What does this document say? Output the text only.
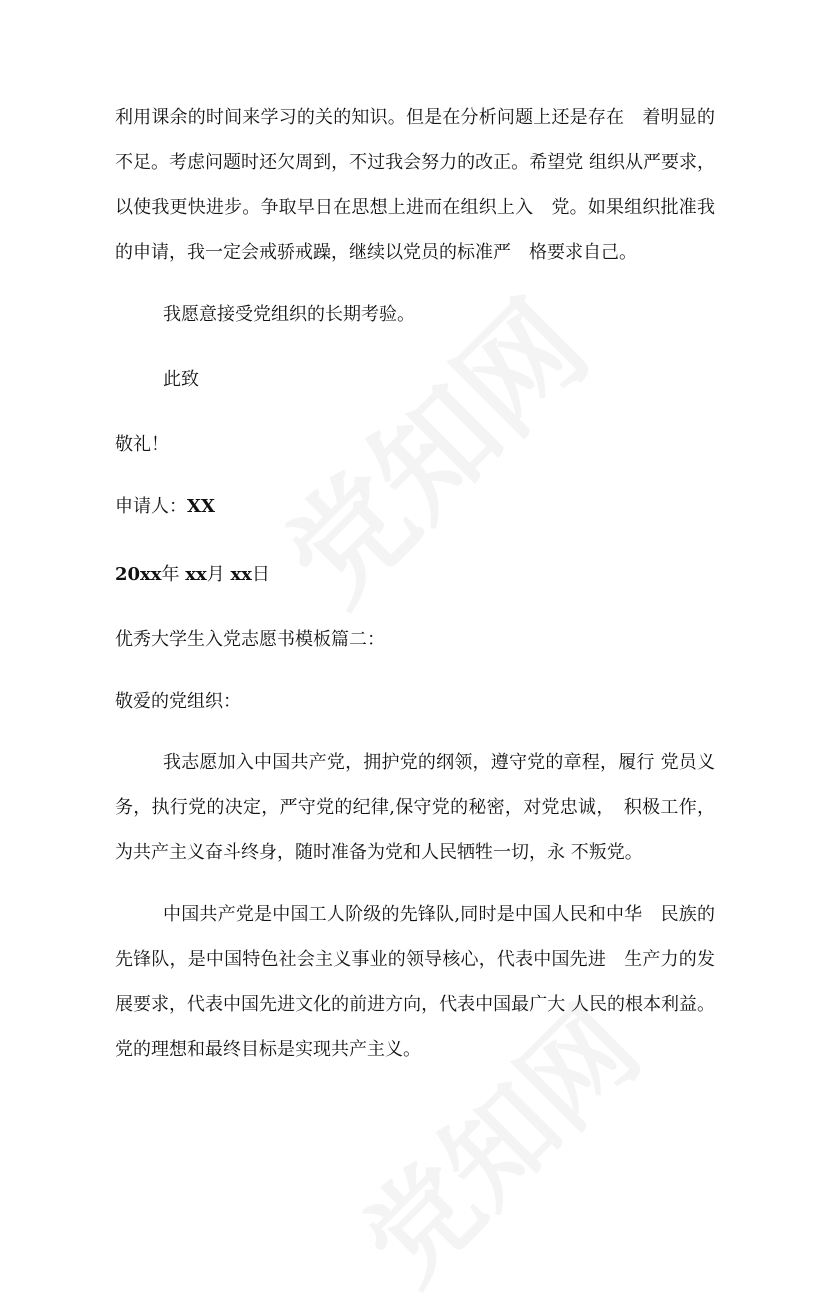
利用课余的时间来学习的关的知识。但是在分析问题上还是存在　着明显的
不足。考虑问题时还欠周到，不过我会努力的改正。希望党 组织从严要求，
以使我更快进步。争取早日在思想上进而在组织上入　党。如果组织批准我
的申请，我一定会戒骄戒躁，继续以党员的标准严　格要求自己。
我愿意接受党组织的长期考验。
此致
敬礼！
申请人：XX
20xx年 xx月 xx日
优秀大学生入党志愿书模板篇二：
敬爱的党组织：
我志愿加入中国共产党，拥护党的纲领，遵守党的章程，履行 党员义
务，执行党的决定，严守党的纪律,保守党的秘密，对党忠诚，　积极工作，
为共产主义奋斗终身，随时准备为党和人民牺牲一切，永 不叛党。
中国共产党是中国工人阶级的先锋队,同时是中国人民和中华　民族的
先锋队，是中国特色社会主义事业的领导核心，代表中国先进　生产力的发
展要求，代表中国先进文化的前进方向，代表中国最广大 人民的根本利益。
党的理想和最终目标是实现共产主义。
